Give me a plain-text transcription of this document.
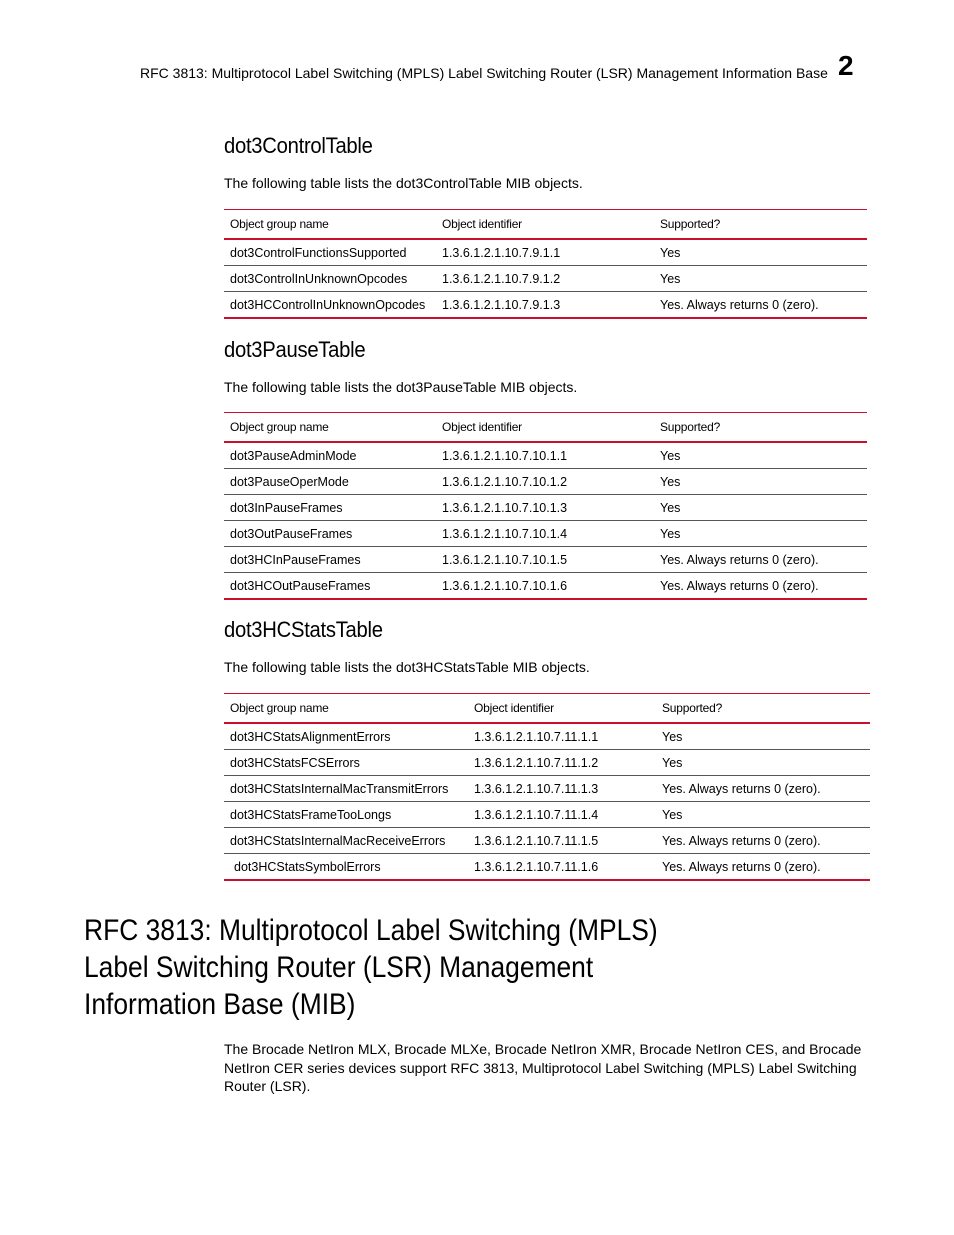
RFC 3813: Multiprotocol Label Switching (MPLS) Label Switching Router (LSR) Management Information Base 2
dot3ControlTable

The following table lists the dot3ControlTable MIB objects.

Object group name	Object identifier	Supported?
dot3ControlFunctionsSupported	1.3.6.1.2.1.10.7.9.1.1	Yes
dot3ControlInUnknownOpcodes	1.3.6.1.2.1.10.7.9.1.2	Yes
dot3HCControlInUnknownOpcodes	1.3.6.1.2.1.10.7.9.1.3	Yes. Always returns 0 (zero).
dot3PauseTable

The following table lists the dot3PauseTable MIB objects.

Object group name	Object identifier	Supported?
dot3PauseAdminMode	1.3.6.1.2.1.10.7.10.1.1	Yes
dot3PauseOperMode	1.3.6.1.2.1.10.7.10.1.2	Yes
dot3InPauseFrames	1.3.6.1.2.1.10.7.10.1.3	Yes
dot3OutPauseFrames	1.3.6.1.2.1.10.7.10.1.4	Yes
dot3HCInPauseFrames	1.3.6.1.2.1.10.7.10.1.5	Yes. Always returns 0 (zero).
dot3HCOutPauseFrames	1.3.6.1.2.1.10.7.10.1.6	Yes. Always returns 0 (zero).
dot3HCStatsTable

The following table lists the dot3HCStatsTable MIB objects.

Object group name	Object identifier	Supported?
dot3HCStatsAlignmentErrors	1.3.6.1.2.1.10.7.11.1.1	Yes
dot3HCStatsFCSErrors	1.3.6.1.2.1.10.7.11.1.2	Yes
dot3HCStatsInternalMacTransmitErrors	1.3.6.1.2.1.10.7.11.1.3	Yes. Always returns 0 (zero).
dot3HCStatsFrameTooLongs	1.3.6.1.2.1.10.7.11.1.4	Yes
dot3HCStatsInternalMacReceiveErrors	1.3.6.1.2.1.10.7.11.1.5	Yes. Always returns 0 (zero).
dot3HCStatsSymbolErrors	1.3.6.1.2.1.10.7.11.1.6	Yes. Always returns 0 (zero).
RFC 3813: Multiprotocol Label Switching (MPLS)
Label Switching Router (LSR) Management
Information Base (MIB)

The Brocade NetIron MLX, Brocade MLXe, Brocade NetIron XMR, Brocade NetIron CES, and Brocade NetIron CER series devices support RFC 3813, Multiprotocol Label Switching (MPLS) Label Switching Router (LSR).
